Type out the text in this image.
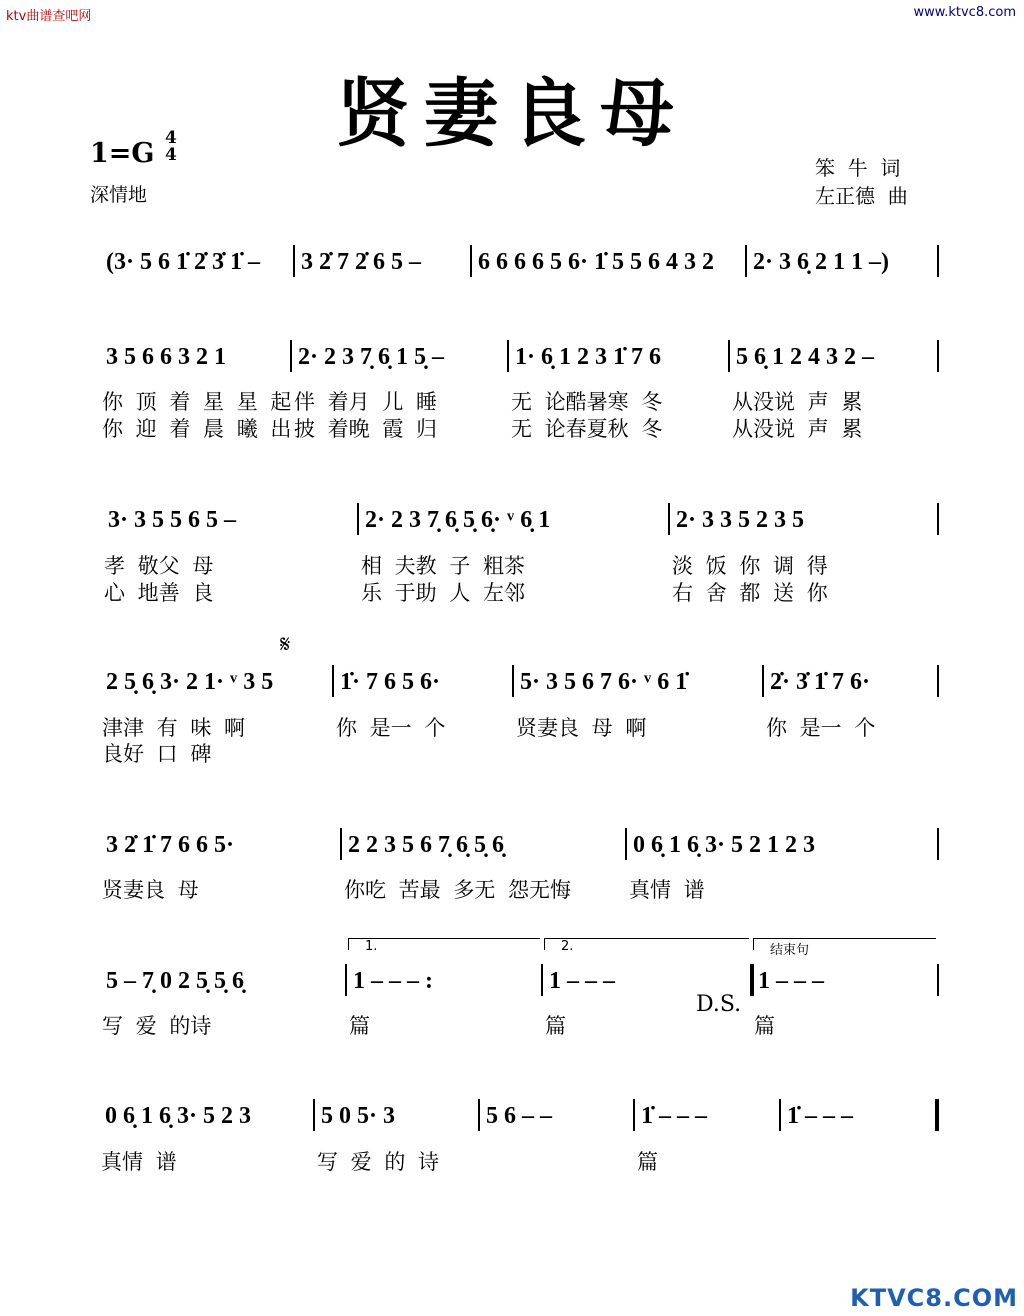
ktv曲谱查吧网	www.ktvc8.com
贤妻良母
1=G 4
4
深情地
笨  牛  词
左正德  曲
𝄋
D.S.
KTVC8.COM
(3· 5 6 1̇ 2̇ 3̇ 1̇ – 3 2̇ 7 2̇ 6 5 – 6 6 6 6 5 6· 1̇ 5 5 6 4 3 2 2· 3 6̣ 2 1 1 –)
3 5 6 6 3 2 1
你 顶 着 星 星 起
你 迎 着 晨 曦 出
2· 2 3 7̣ 6̣ 1 5̣ –
伴 着月 儿 睡
披 着晚 霞 归
1· 6̣ 1 2 3 1̇ 7 6
无 论酷暑寒 冬
无 论春夏秋 冬
5 6̣ 1 2 4 3 2 –
从没说 声 累
从没说 声 累
3· 3 5 5 6 5 –
孝 敬父 母
心 地善 良
2· 2 3 7̣ 6̣ 5̣ 6̣· ᵛ 6̣ 1
相 夫教 子 粗茶
乐 于助 人 左邻
2· 3 3 5 2 3 5
淡 饭 你 调 得
右 舍 都 送 你
2 5̣ 6̣ 3· 2 1· ᵛ 3 5
津津 有 味 啊
良好 口 碑
1̇· 7 6 5 6·
你 是一 个
5· 3 5 6 7 6· ᵛ 6 1̇
贤妻良 母 啊
2̇· 3̇ 1̇ 7 6·
你 是一 个
3 2̇ 1̇ 7 6 6 5·
贤妻良 母
2 2 3 5 6 7̣ 6̣ 5̣ 6̣
你吃 苦最 多无 怨无悔
0 6̣ 1 6̣ 3· 5 2 1 2 3
真情 谱
5 – 7̣ 0 2 5̣ 5̣ 6̣
写 爱 的诗
1 – – – :
篇
1.
1 – – –
篇
2.
1 – – –
篇
结束句
0 6̣ 1 6̣ 3· 5 2 3
真情 谱
5 0 5· 3
写 爱 的 诗
5 6 – –	1̇ – – –
篇
1̇ – – –
